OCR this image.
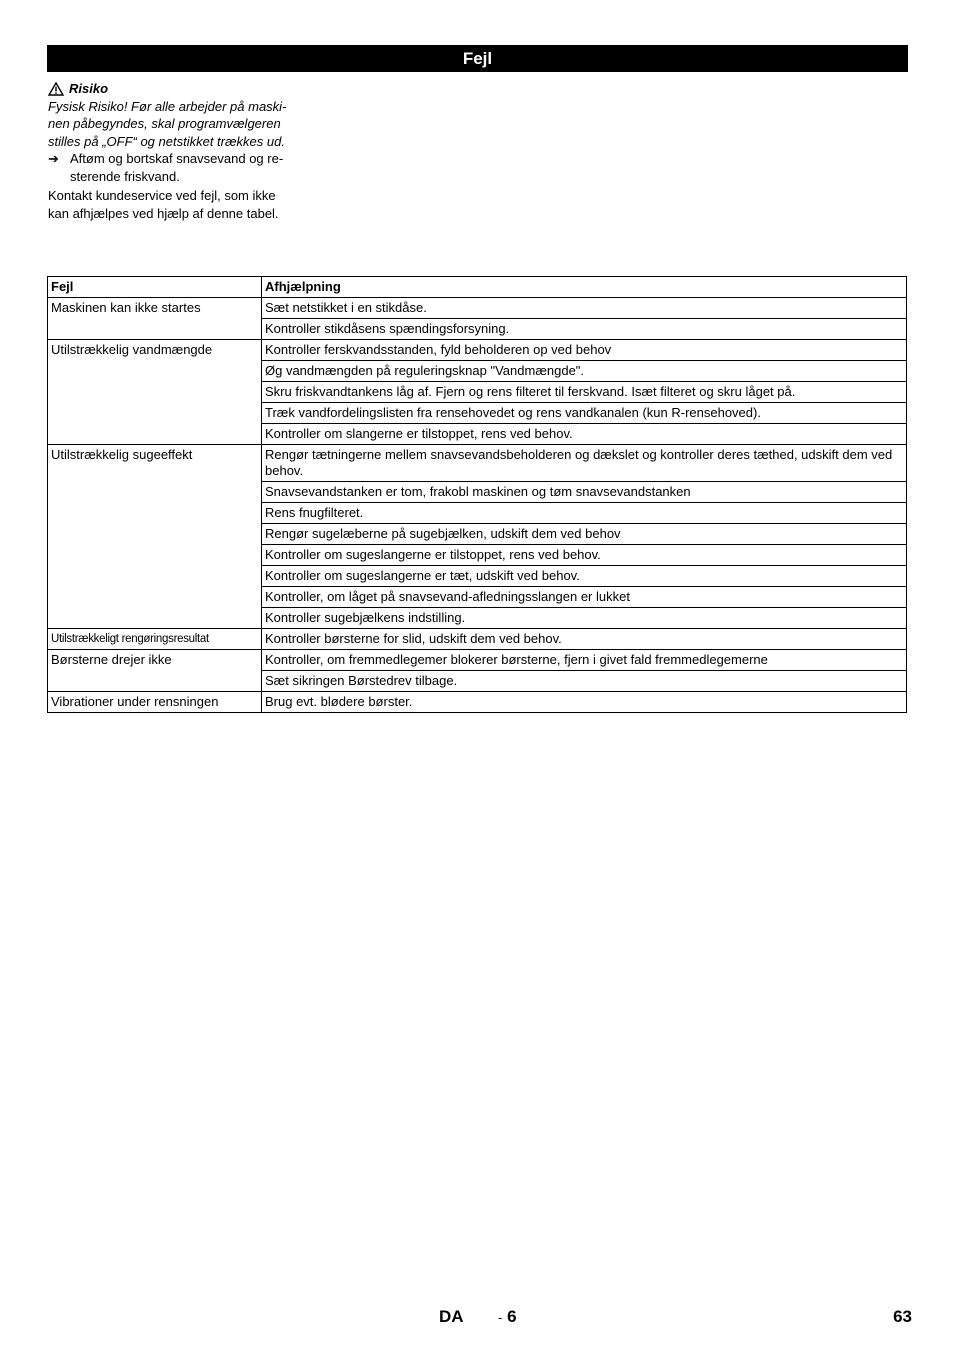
Fejl
Risiko
Fysisk Risiko! Før alle arbejder på maski-
nen påbegyndes, skal programvælgeren
stilles på „OFF“ og netstikket trækkes ud.
➔ Aftøm og bortskaf snavsevand og re-
sterende friskvand.
Kontakt kundeservice ved fejl, som ikke
kan afhjælpes ved hjælp af denne tabel.
Fejl	Afhjælpning
Maskinen kan ikke startes	Sæt netstikket i en stikdåse.
	Kontroller stikdåsens spændingsforsyning.
Utilstrækkelig vandmængde	Kontroller ferskvandsstanden, fyld beholderen op ved behov
	Øg vandmængden på reguleringsknap "Vandmængde".
	Skru friskvandtankens låg af. Fjern og rens filteret til ferskvand. Isæt filteret og skru låget på.
	Træk vandfordelingslisten fra rensehovedet og rens vandkanalen (kun R-rensehoved).
	Kontroller om slangerne er tilstoppet, rens ved behov.
Utilstrækkelig sugeeffekt	Rengør tætningerne mellem snavsevandsbeholderen og dækslet og kontroller deres tæthed, udskift dem ved behov.
	Snavsevandstanken er tom, frakobl maskinen og tøm snavsevandstanken
	Rens fnugfilteret.
	Rengør sugelæberne på sugebjælken, udskift dem ved behov
	Kontroller om sugeslangerne er tilstoppet, rens ved behov.
	Kontroller om sugeslangerne er tæt, udskift ved behov.
	Kontroller, om låget på snavsevand-afledningsslangen er lukket
	Kontroller sugebjælkens indstilling.
Utilstrækkeligt rengøringsresultat	Kontroller børsterne for slid, udskift dem ved behov.
Børsterne drejer ikke	Kontroller, om fremmedlegemer blokerer børsterne, fjern i givet fald fremmedlegemerne
	Sæt sikringen Børstedrev tilbage.
Vibrationer under rensningen	Brug evt. blødere børster.
DA	- 6	63
